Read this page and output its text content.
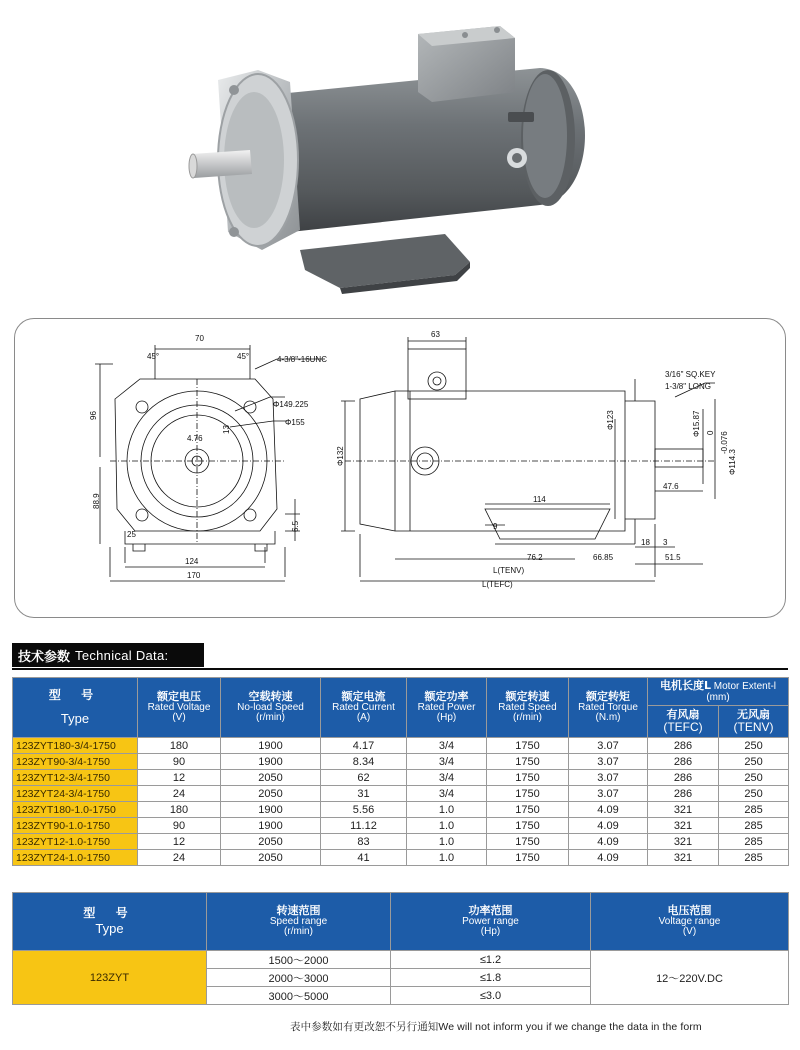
70
45°	45°	4-3/8"-16UNC
96
Φ149.225
Φ155
4.76
13
88.9
6.5
25
124
170
63
3/16" SQ.KEY
1-3/8" LONG
Φ132
Φ123	Φ15.87 0 -0.076
Φ114.3
47.6
114
9
76.2	66.85
L(TENV)
L(TEFC)
18 3
51.5
技术参数 Technical Data:
型 号
Type	额定电压
Rated Voltage
(V)	空载转速
No-load Speed
(r/min)	额定电流
Rated Current
(A)	额定功率
Rated Power
(Hp)	额定转速
Rated Speed
(r/min)	额定转矩
Rated Torque
(N.m)	电机长度L Motor Extent-l
(mm)	

							有风扇
(TEFC)	无风扇
(TENV)

123ZYT180-3/4-1750	180	1900	4.17	3/4	1750	3.07	286	250
123ZYT90-3/4-1750	90	1900	8.34	3/4	1750	3.07	286	250
123ZYT12-3/4-1750	12	2050	62	3/4	1750	3.07	286	250
123ZYT24-3/4-1750	24	2050	31	3/4	1750	3.07	286	250
123ZYT180-1.0-1750	180	1900	5.56	1.0	1750	4.09	321	285
123ZYT90-1.0-1750	90	1900	11.12	1.0	1750	4.09	321	285
123ZYT12-1.0-1750	12	2050	83	1.0	1750	4.09	321	285
123ZYT24-1.0-1750	24	2050	41	1.0	1750	4.09	321	285
型 号
Type	转速范围
Speed range
(r/min)	功率范围
Power range
(Hp)	电压范围
Voltage range
(V)

123ZYT	1500～2000	≤1.2	12～220V.DC
	2000～3000	≤1.8	
	3000～5000	≤3.0	
表中参数如有更改恕不另行通知We will not inform you if we change the data in the form
